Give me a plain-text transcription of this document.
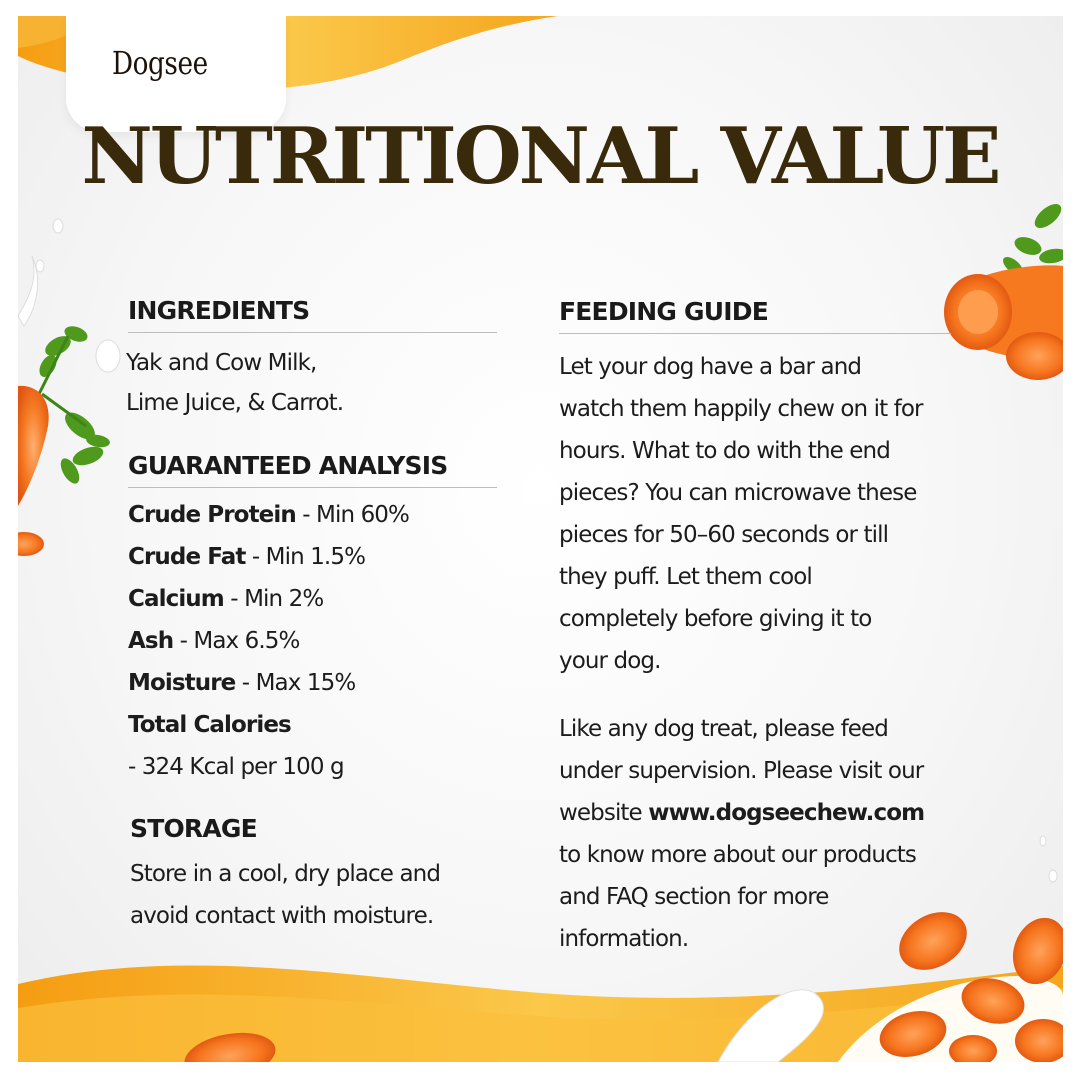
Dogsee
NUTRITIONAL VALUE
INGREDIENTS
Yak and Cow Milk,
Lime Juice, & Carrot.
GUARANTEED ANALYSIS
Crude Protein - Min 60%
Crude Fat - Min 1.5%
Calcium - Min 2%
Ash - Max 6.5%
Moisture - Max 15%
Total Calories
- 324 Kcal per 100 g
STORAGE
Store in a cool, dry place and
avoid contact with moisture.
FEEDING GUIDE
Let your dog have a bar and
watch them happily chew on it for
hours. What to do with the end
pieces? You can microwave these
pieces for 50–60 seconds or till
they puff. Let them cool
completely before giving it to
your dog.
Like any dog treat, please feed
under supervision. Please visit our
website www.dogseechew.com
to know more about our products
and FAQ section for more
information.
